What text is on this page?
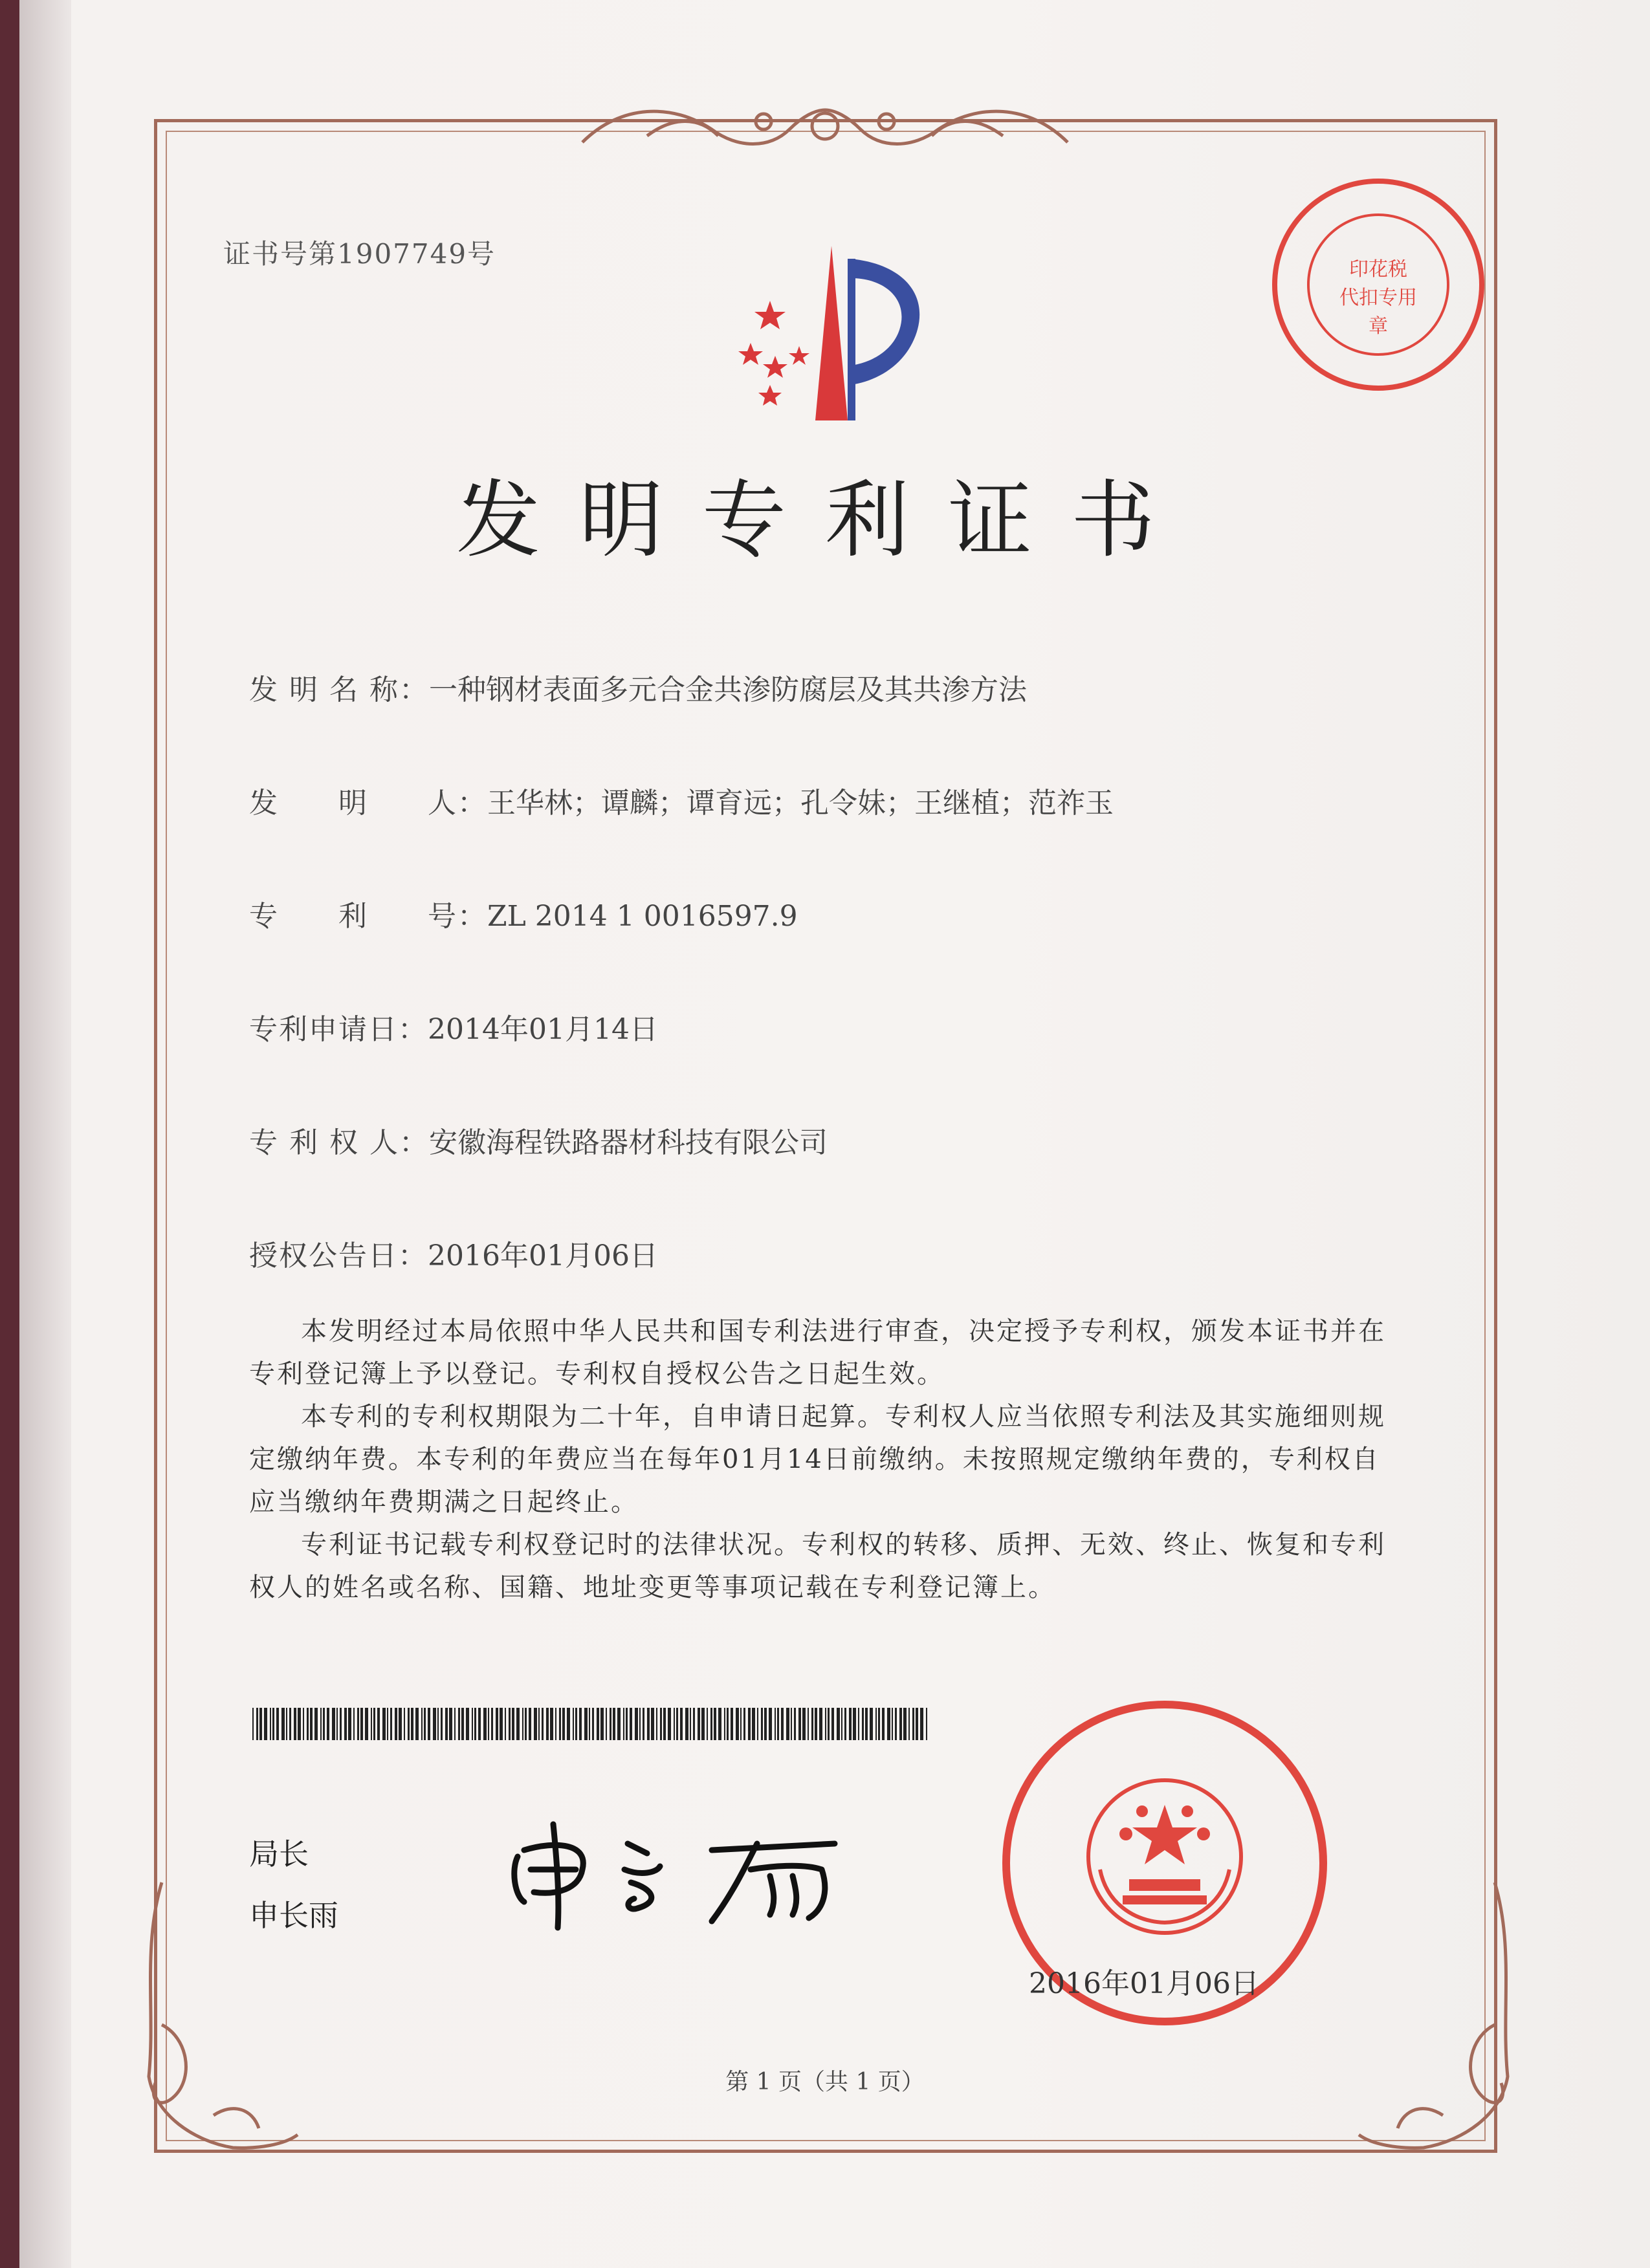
证书号第1907749号	印花税
代扣专用章
发明专利证书
发 明 名 称：一种钢材表面多元合金共渗防腐层及其共渗方法
发　　明　　人：王华林；谭麟；谭育远；孔令妹；王继植；范祚玉
专　　利　　号：ZL 2014 1 0016597.9
专利申请日：2014年01月14日
专 利 权 人：安徽海程铁路器材科技有限公司
授权公告日：2016年01月06日

本发明经过本局依照中华人民共和国专利法进行审查，决定授予专利权，颁发本证书并在专利登记簿上予以登记。专利权自授权公告之日起生效。

本专利的专利权期限为二十年，自申请日起算。专利权人应当依照专利法及其实施细则规定缴纳年费。本专利的年费应当在每年01月14日前缴纳。未按照规定缴纳年费的，专利权自应当缴纳年费期满之日起终止。

专利证书记载专利权登记时的法律状况。专利权的转移、质押、无效、终止、恢复和专利权人的姓名或名称、国籍、地址变更等事项记载在专利登记簿上。

局长
申长雨
2016年01月06日
第 1 页（共 1 页）
